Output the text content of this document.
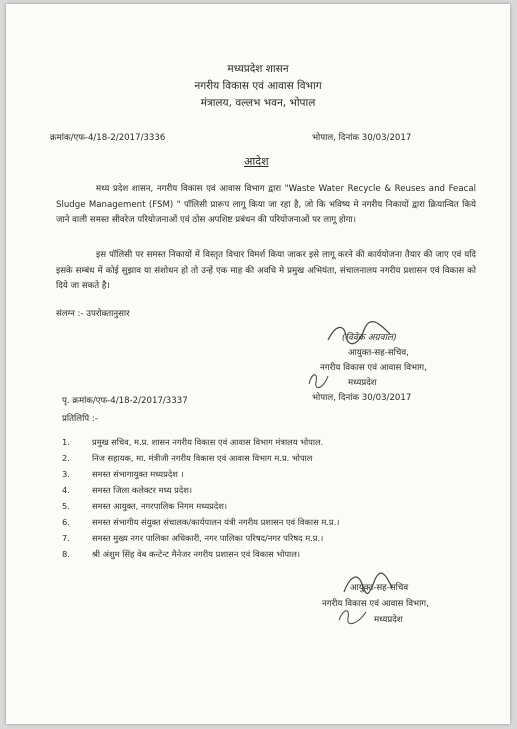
मध्यप्रदेश शासन
नगरीय विकास एवं आवास विभाग
मंत्रालय, वल्लभ भवन, भोपाल
क्रमांक/एफ-4/18-2/2017/3336	भोपाल, दिनांक 30/03/2017
आदेश
मध्य प्रदेश शासन, नगरीय विकास एवं आवास विभाग द्वारा "Waste Water Recycle & Reuses and Feacal Sludge Management (FSM) " पॉलिसी प्रारूप लागू किया जा रहा है, जो कि भविष्य मे नगरीय निकायों द्वारा क्रियान्वित किये जाने वाली समस्त सीवरेज परियोजनाओं एवं ठोस अपशिष्ट प्रबंधन की परियोजनाओं पर लागू होगा।
इस पॉलिसी पर समस्त निकायों में विस्तृत विचार विमर्श किया जाकर इसे लागू करने की कार्ययोजना तैयार की जाए एवं यदि इसके सम्बंध में कोई सुझाव या संशोधन हो तो उन्हें एक माह की अवधि मे प्रमुख अभियंता, संचालनालय नगरीय प्रशासन एवं विकास को दिये जा सकते है।
संलग्न :- उपरोक्तानुसार
(विवेक अग्रवाल)
आयुक्त-सह-सचिव,
नगरीय विकास एवं आवास विभाग,
मध्यप्रदेश
पृ. क्रमांक/एफ-4/18-2/2017/3337	भोपाल, दिनांक 30/03/2017
प्रतिलिपि :-
1.	प्रमुख सचिव, म.प्र. शासन नगरीय विकास एवं आवास विभाग मंत्रालय भोपाल.
2.	निज सहायक, मा. मंत्रीजी नगरीय विकास एवं आवास विभाग म.प्र. भोपाल
3.	समस्त संभागायुक्त मध्यप्रदेश ।
4.	समस्त जिला कलेक्टर मध्य प्रदेश।
5.	समस्त आयुक्त, नगरपालिक निगम मध्यप्रदेश।
6.	समस्त संभागीय संयुक्त संचालक/कार्यपालन यंत्री नगरीय प्रशासन एवं विकास म.प्र.।
7.	समस्त मुख्य नगर पालिका अधिकारी, नगर पालिका परिषद/नगर परिषद म.प्र.।
8.	श्री अंशुम सिंह वेब कन्टेन्ट मैनेजर नगरीय प्रशासन एवं विकास भोपाल।
आयुक्त-सह-सचिव
नगरीय विकास एवं आवास विभाग,
मध्यप्रदेश
